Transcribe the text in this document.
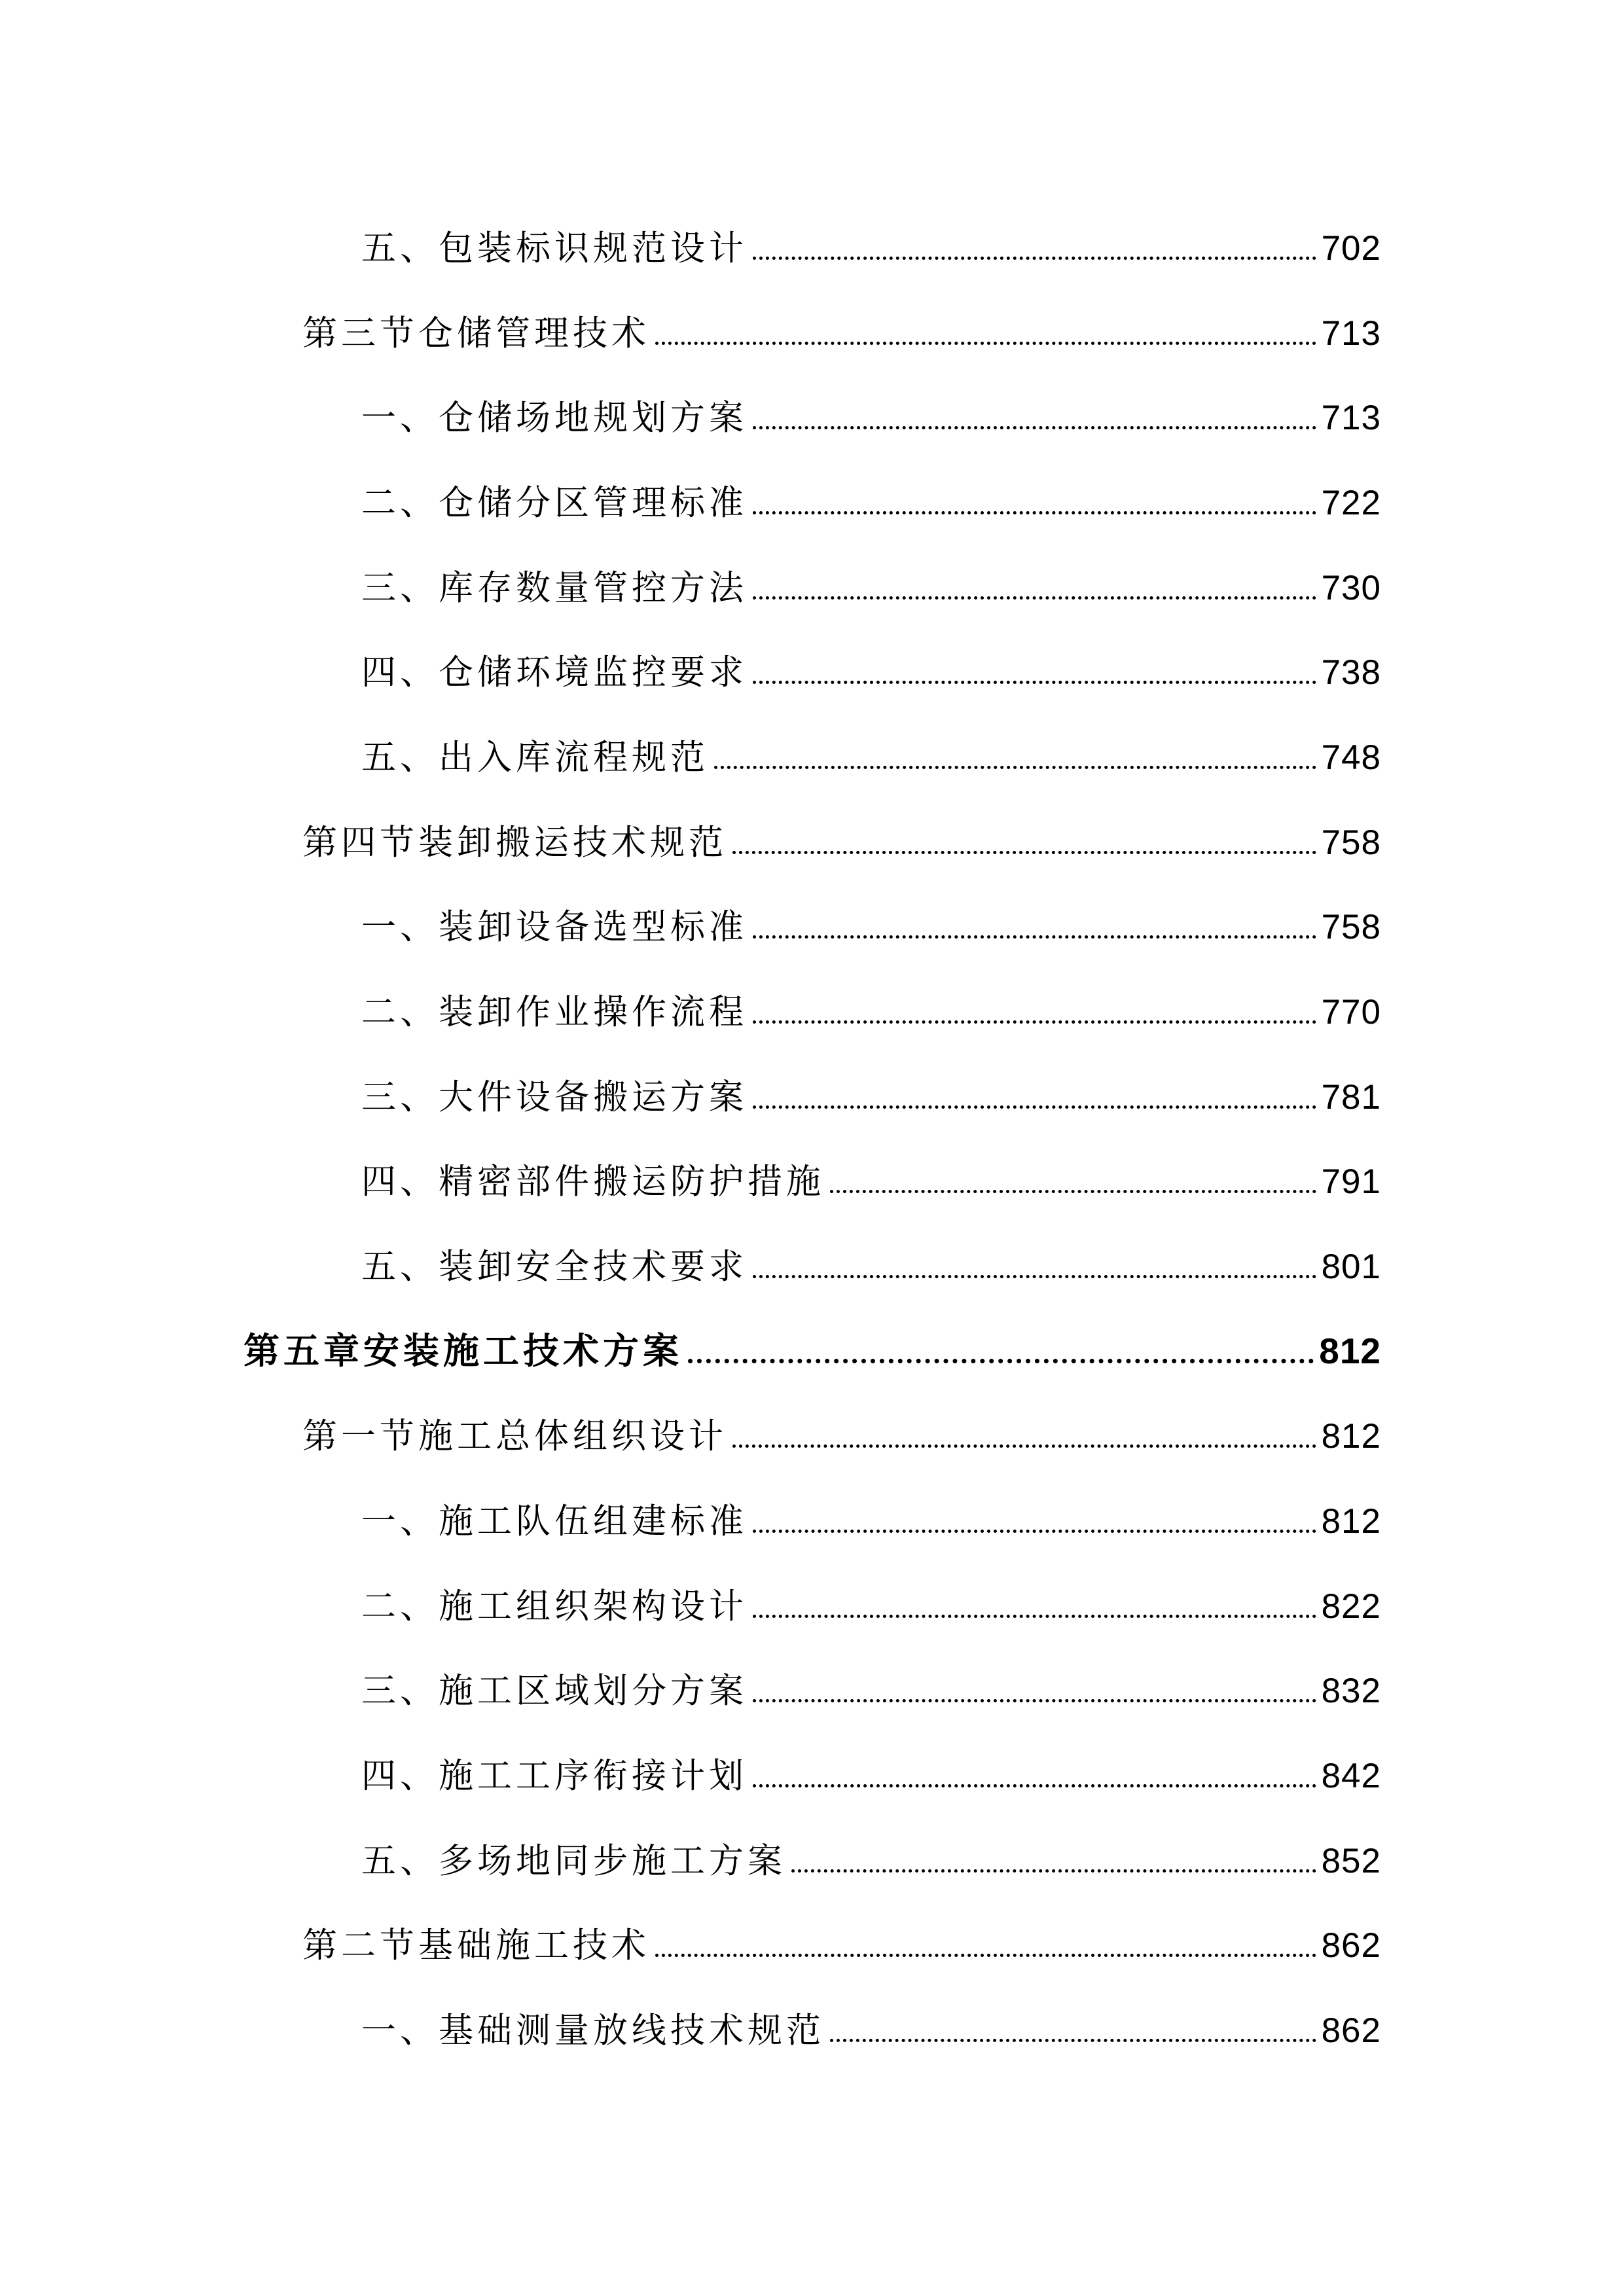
五、包装标识规范设计	702
第三节仓储管理技术	713
一、仓储场地规划方案	713
二、仓储分区管理标准	722
三、库存数量管控方法	730
四、仓储环境监控要求	738
五、出入库流程规范	748
第四节装卸搬运技术规范	758
一、装卸设备选型标准	758
二、装卸作业操作流程	770
三、大件设备搬运方案	781
四、精密部件搬运防护措施	791
五、装卸安全技术要求	801
第五章安装施工技术方案	812
第一节施工总体组织设计	812
一、施工队伍组建标准	812
二、施工组织架构设计	822
三、施工区域划分方案	832
四、施工工序衔接计划	842
五、多场地同步施工方案	852
第二节基础施工技术	862
一、基础测量放线技术规范	862
